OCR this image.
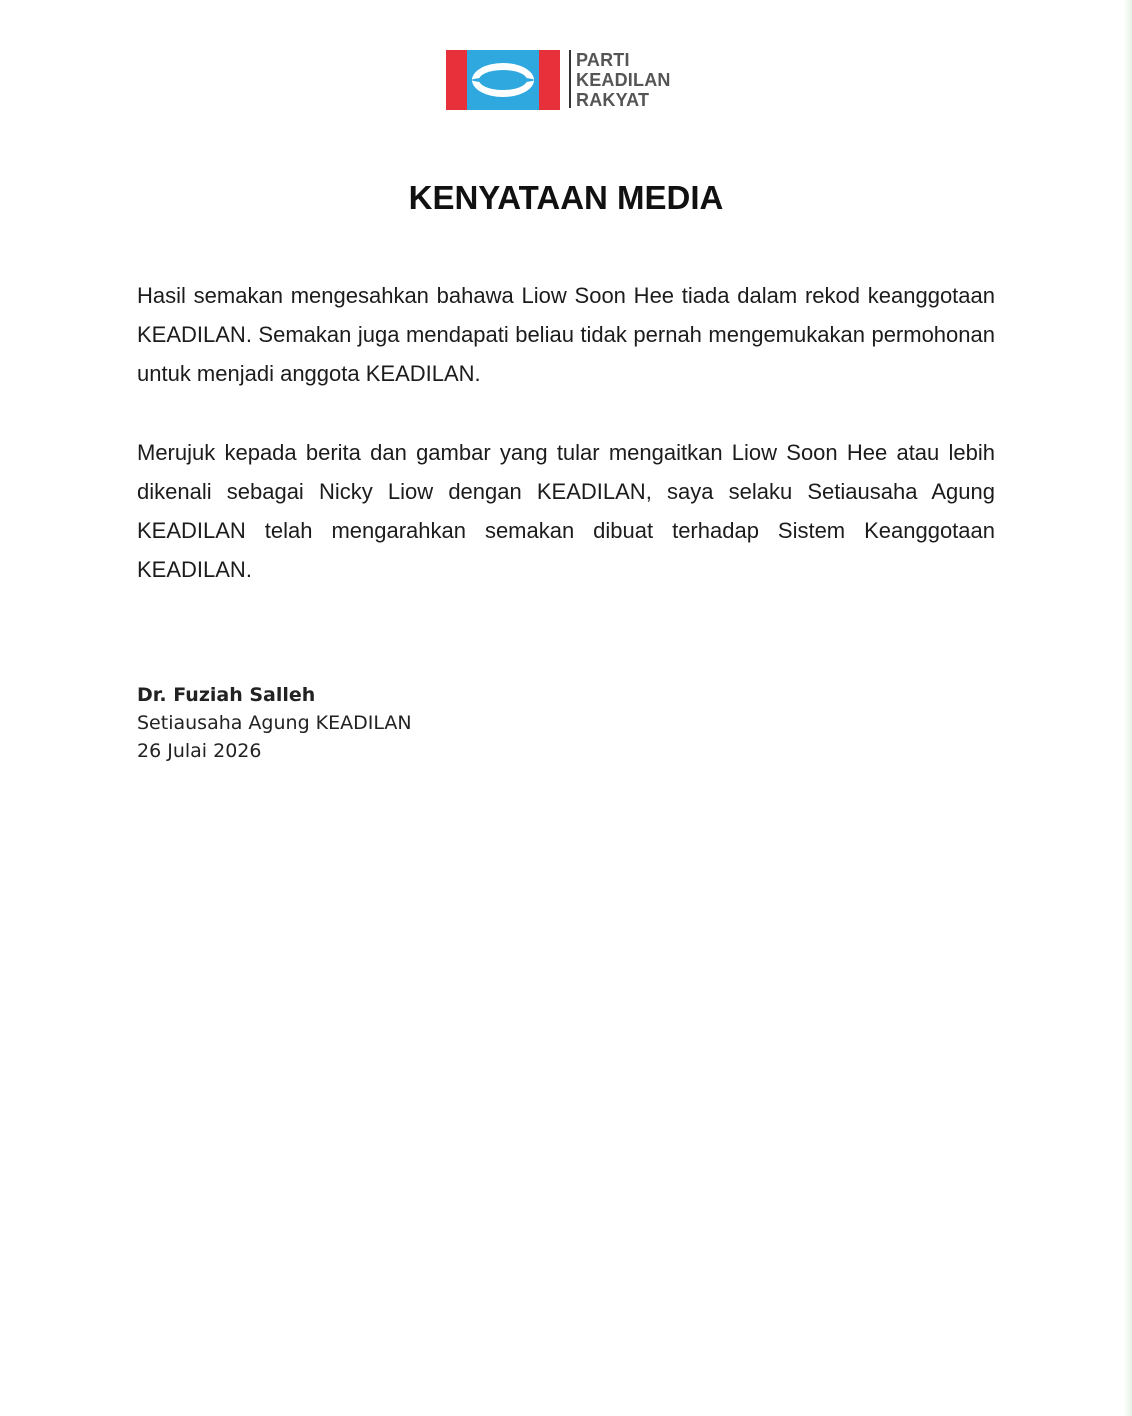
PARTI
KEADILAN
RAKYAT
KENYATAAN MEDIA

Hasil semakan mengesahkan bahawa Liow Soon Hee tiada dalam rekod keanggotaan KEADILAN. Semakan juga mendapati beliau tidak pernah mengemukakan permohonan untuk menjadi anggota KEADILAN.

Merujuk kepada berita dan gambar yang tular mengaitkan Liow Soon Hee atau lebih dikenali sebagai Nicky Liow dengan KEADILAN, saya selaku Setiausaha Agung KEADILAN telah mengarahkan semakan dibuat terhadap Sistem Keanggotaan KEADILAN.

Dr. Fuziah Salleh
Setiausaha Agung KEADILAN
26 Julai 2026
